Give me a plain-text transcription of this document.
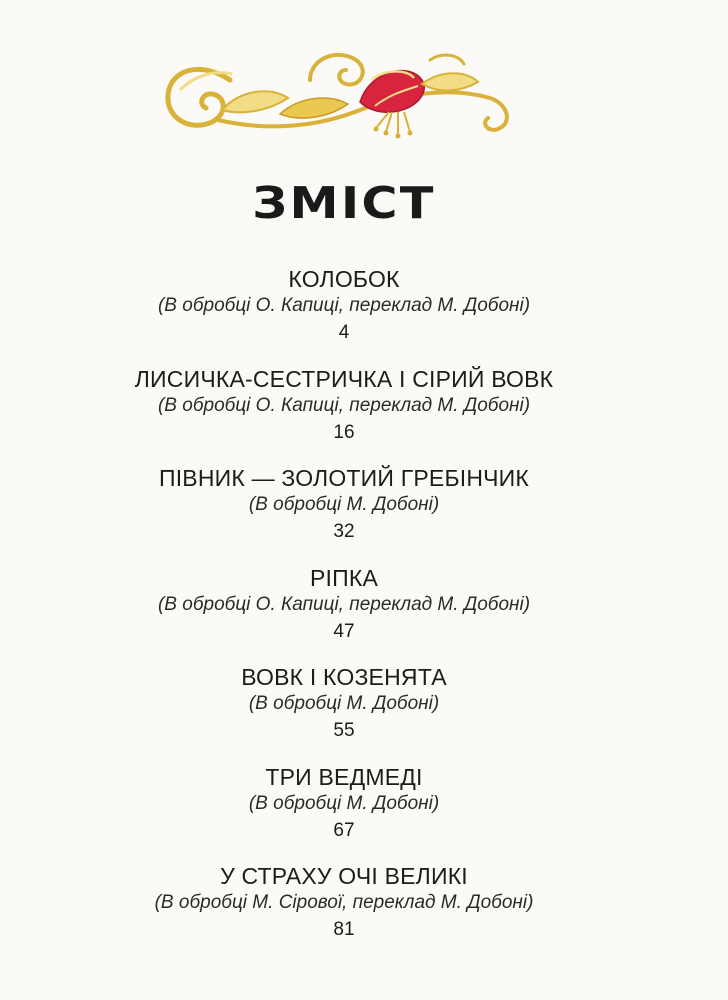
ЗМІСТ
КОЛОБОК
(В обробці О. Капиці, переклад М. Добоні)
4
ЛИСИЧКА-СЕСТРИЧКА І СІРИЙ ВОВК
(В обробці О. Капиці, переклад М. Добоні)
16
ПІВНИК — ЗОЛОТИЙ ГРЕБІНЧИК
(В обробці М. Добоні)
32
РІПКА
(В обробці О. Капиці, переклад М. Добоні)
47
ВОВК І КОЗЕНЯТА
(В обробці М. Добоні)
55
ТРИ ВЕДМЕДІ
(В обробці М. Добоні)
67
У СТРАХУ ОЧІ ВЕЛИКІ
(В обробці М. Сірової, переклад М. Добоні)
81
